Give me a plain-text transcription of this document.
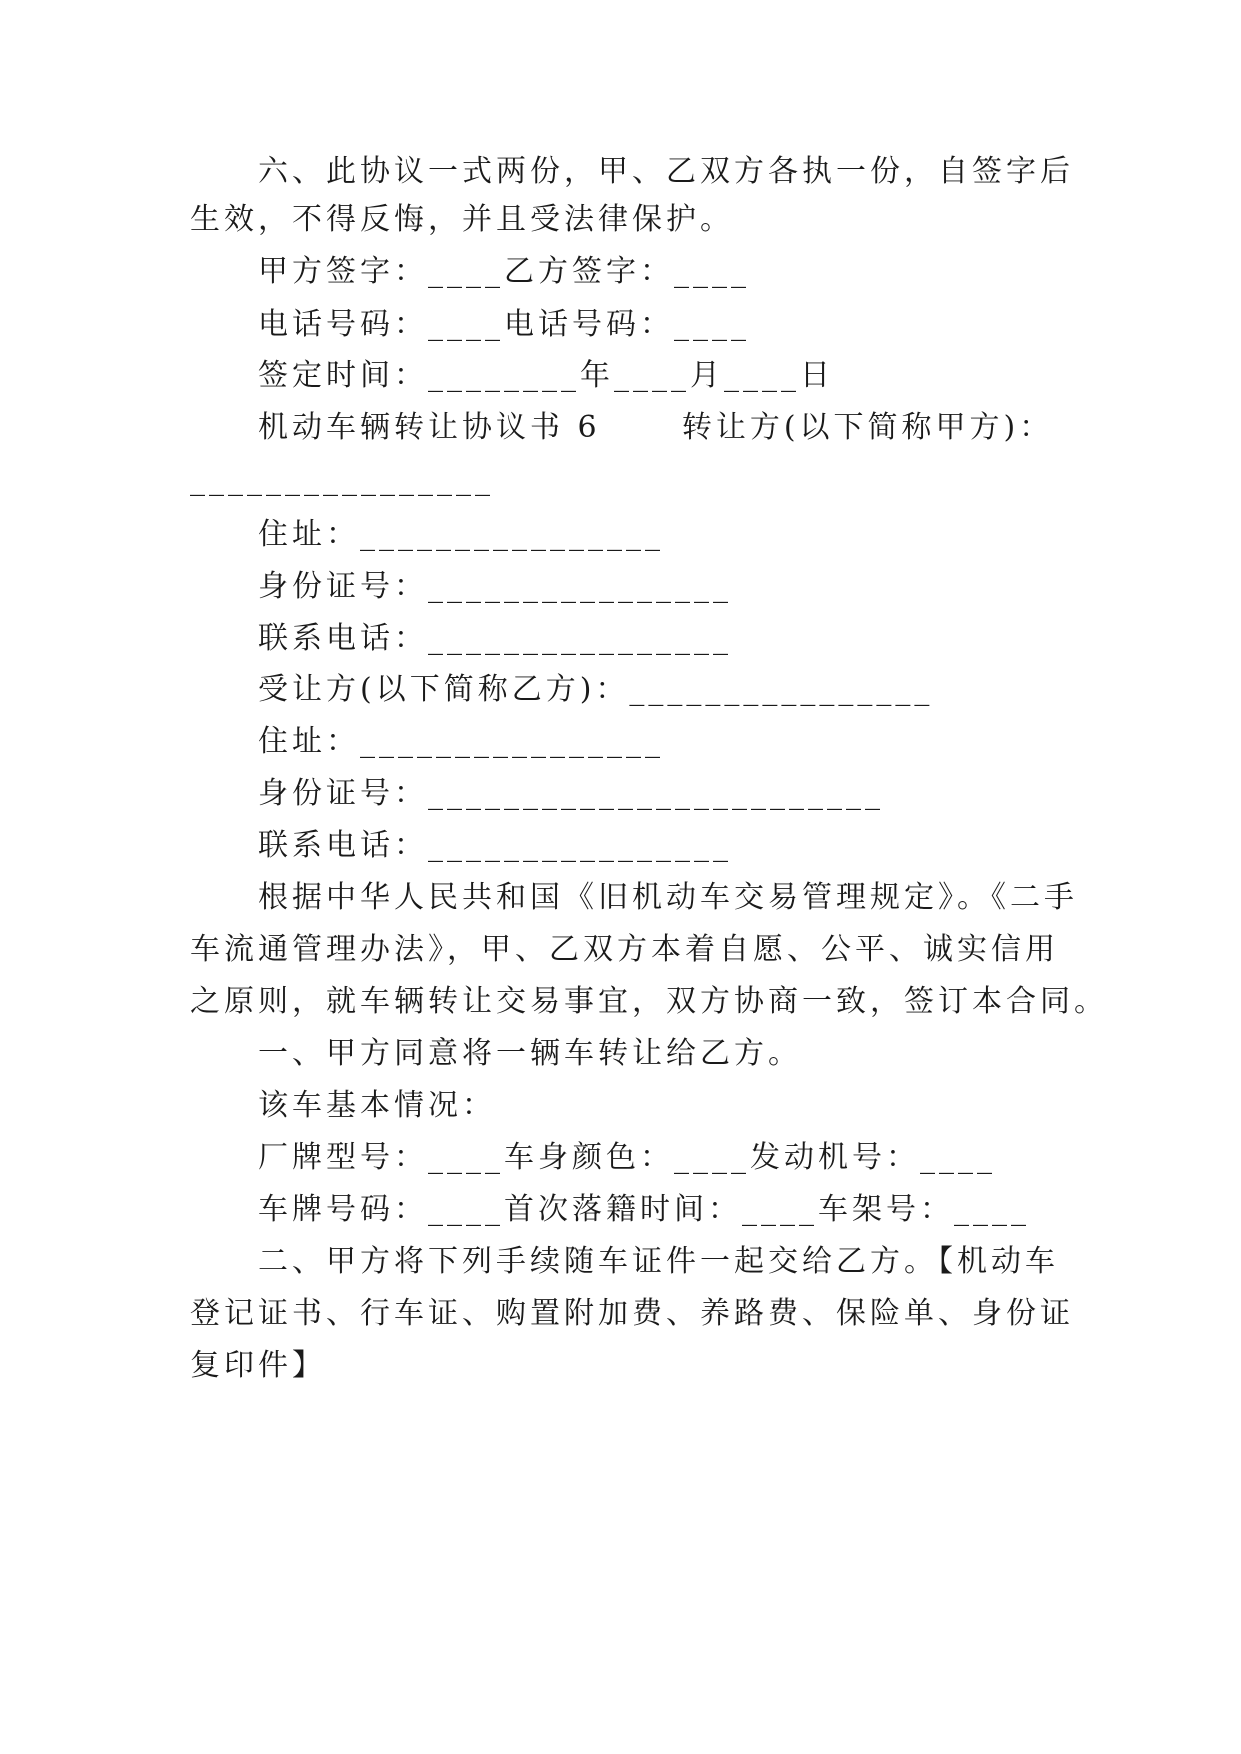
六、此协议一式两份，甲、乙双方各执一份，自签字后
生效，不得反悔，并且受法律保护。
甲方签字：____乙方签字：____
电话号码：____电话号码：____
签定时间：________年____月____日
机动车辆转让协议书 6      转让方(以下简称甲方)：
________________
住址：________________
身份证号：________________
联系电话：________________
受让方(以下简称乙方)：________________
住址：________________
身份证号：________________________
联系电话：________________
根据中华人民共和国《旧机动车交易管理规定》。《二手
车流通管理办法》，甲、乙双方本着自愿、公平、诚实信用
之原则，就车辆转让交易事宜，双方协商一致，签订本合同。
一、甲方同意将一辆车转让给乙方。
该车基本情况：
厂牌型号：____车身颜色：____发动机号：____
车牌号码：____首次落籍时间：____车架号：____
二、甲方将下列手续随车证件一起交给乙方。【机动车
登记证书、行车证、购置附加费、养路费、保险单、身份证
复印件】
